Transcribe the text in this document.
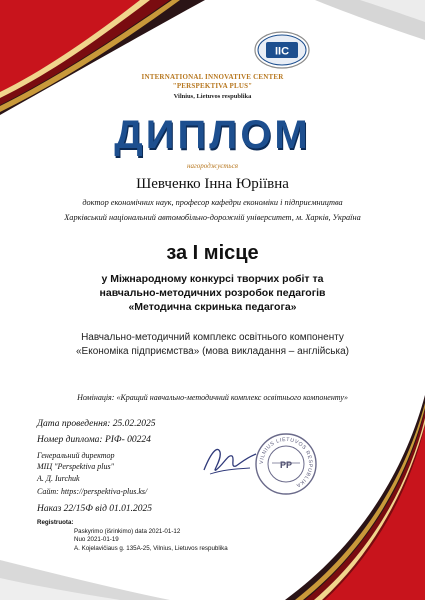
IIC
INTERNATIONAL INNOVATIVE CENTER
"PERSPEKTIVA PLUS"
Vilnius, Lietuvos respublika
ДИПЛОМ
нагороджується
Шевченко Інна Юріївна
доктор економічних наук, професор кафедри економіки і підприємництва
Харківський національний автомобільно-дорожній університет, м. Харків, Україна
за І місце
у Міжнародному конкурсі творчих робіт та
навчально-методичних розробок педагогів
«Методична скринька педагога»
Навчально-методичний комплекс освітнього компоненту
«Економіка підприємства» (мова викладання – англійська)
Номінація: «Кращий навчально-методичний комплекс освітнього компоненту»
Дата проведення: 25.02.2025
Номер диплома: РІФ- 00224
Генеральний директор
МІЦ "Perspektiva plus"
А. Д. Іurchuk
Сайт: https://perspektiva-plus.ks/
Наказ 22/15Ф від 01.01.2025
VILNIUS LIETUVOS RESPUBLIKA
PP
Registruota:
Paskyrimo (išrinkimo) data 2021-01-12
Nuo 2021-01-19
A. Kojelavičiaus g. 135A-25, Vilnius, Lietuvos respublika
